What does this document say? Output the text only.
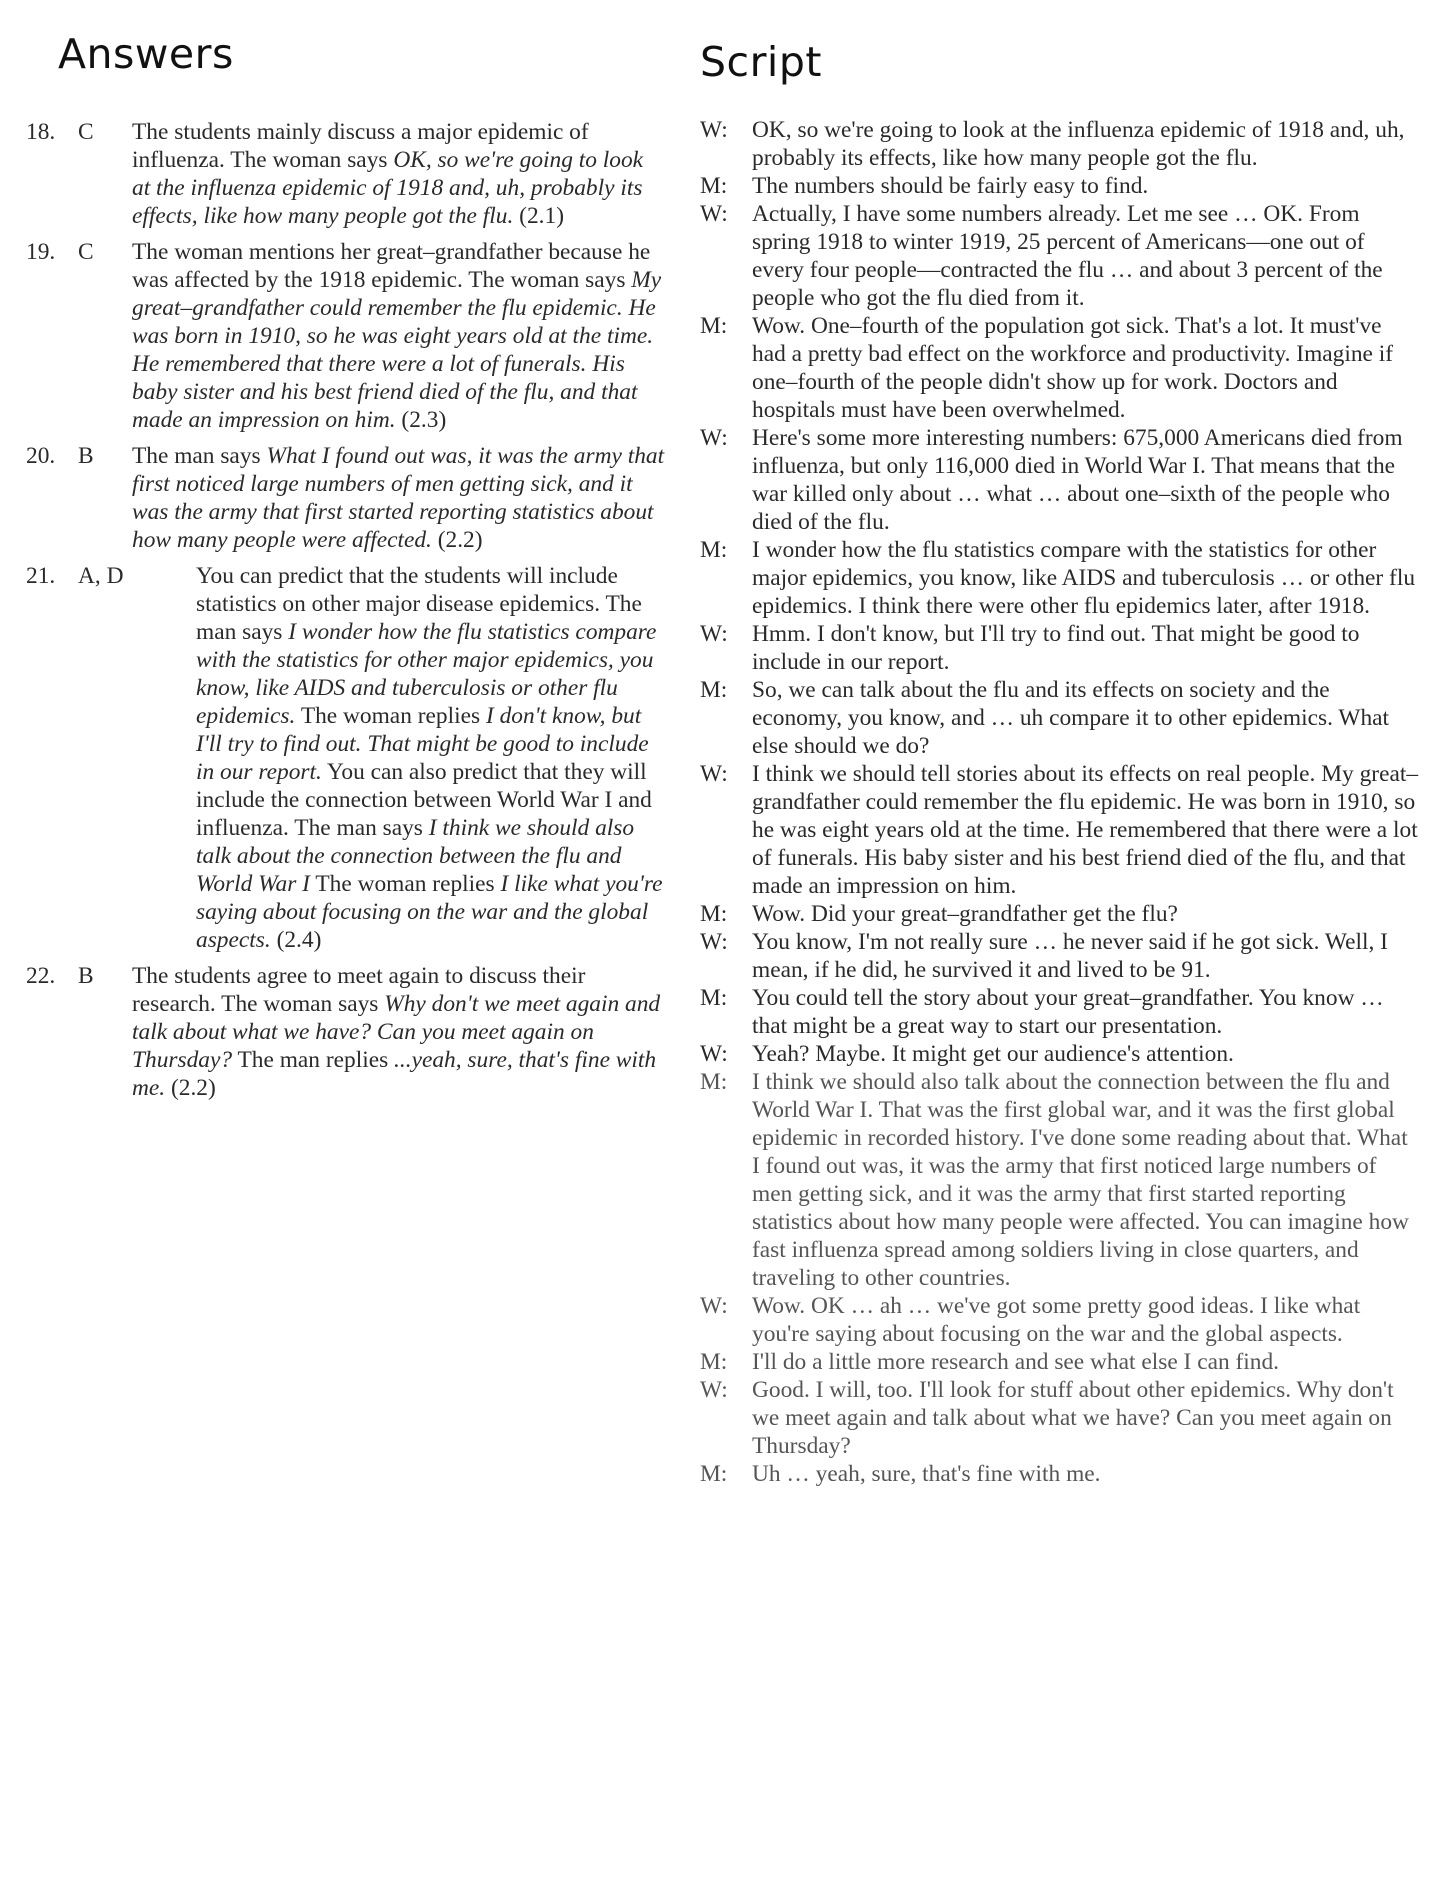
Answers	Script
18. C	The students mainly discuss a major epidemic of influenza. The woman says OK, so we're going to look at the influenza epidemic of 1918 and, uh, probably its effects, like how many people got the flu. (2.1)

19. C	The woman mentions her great–grandfather because he was affected by the 1918 epidemic. The woman says My great–grandfather could remember the flu epidemic. He was born in 1910, so he was eight years old at the time. He remembered that there were a lot of funerals. His baby sister and his best friend died of the flu, and that made an impression on him. (2.3)

20. B	The man says What I found out was, it was the army that first noticed large numbers of men getting sick, and it was the army that first started reporting statistics about how many people were affected. (2.2)

21. A, D	You can predict that the students will include statistics on other major disease epidemics. The man says I wonder how the flu statistics compare with the statistics for other major epidemics, you know, like AIDS and tuberculosis or other flu epidemics. The woman replies I don't know, but I'll try to find out. That might be good to include in our report. You can also predict that they will include the connection between World War I and influenza. The man says I think we should also talk about the connection between the flu and World War I The woman replies I like what you're saying about focusing on the war and the global aspects. (2.4)

22. B	The students agree to meet again to discuss their research. The woman says Why don't we meet again and talk about what we have? Can you meet again on Thursday? The man replies ...yeah, sure, that's fine with me. (2.2)

W:	OK, so we're going to look at the influenza epidemic of 1918 and, uh, probably its effects, like how many people got the flu.
M:	The numbers should be fairly easy to find.
W:	Actually, I have some numbers already. Let me see … OK. From spring 1918 to winter 1919, 25 percent of Americans—one out of every four people—contracted the flu … and about 3 percent of the people who got the flu died from it.
M:	Wow. One–fourth of the population got sick. That's a lot. It must've had a pretty bad effect on the workforce and productivity. Imagine if one–fourth of the people didn't show up for work. Doctors and hospitals must have been overwhelmed.
W:	Here's some more interesting numbers: 675,000 Americans died from influenza, but only 116,000 died in World War I. That means that the war killed only about … what … about one–sixth of the people who died of the flu.
M:	I wonder how the flu statistics compare with the statistics for other major epidemics, you know, like AIDS and tuberculosis … or other flu epidemics. I think there were other flu epidemics later, after 1918.
W:	Hmm. I don't know, but I'll try to find out. That might be good to include in our report.
M:	So, we can talk about the flu and its effects on society and the economy, you know, and … uh compare it to other epidemics. What else should we do?
W:	I think we should tell stories about its effects on real people. My great–grandfather could remember the flu epidemic. He was born in 1910, so he was eight years old at the time. He remembered that there were a lot of funerals. His baby sister and his best friend died of the flu, and that made an impression on him.
M:	Wow. Did your great–grandfather get the flu?
W:	You know, I'm not really sure … he never said if he got sick. Well, I mean, if he did, he survived it and lived to be 91.
M:	You could tell the story about your great–grandfather. You know … that might be a great way to start our presentation.
W:	Yeah? Maybe. It might get our audience's attention.
M:	I think we should also talk about the connection between the flu and World War I. That was the first global war, and it was the first global epidemic in recorded history. I've done some reading about that. What I found out was, it was the army that first noticed large numbers of men getting sick, and it was the army that first started reporting statistics about how many people were affected. You can imagine how fast influenza spread among soldiers living in close quarters, and traveling to other countries.
W:	Wow. OK … ah … we've got some pretty good ideas. I like what you're saying about focusing on the war and the global aspects.
M:	I'll do a little more research and see what else I can find.
W:	Good. I will, too. I'll look for stuff about other epidemics. Why don't we meet again and talk about what we have? Can you meet again on Thursday?
M:	Uh … yeah, sure, that's fine with me.
